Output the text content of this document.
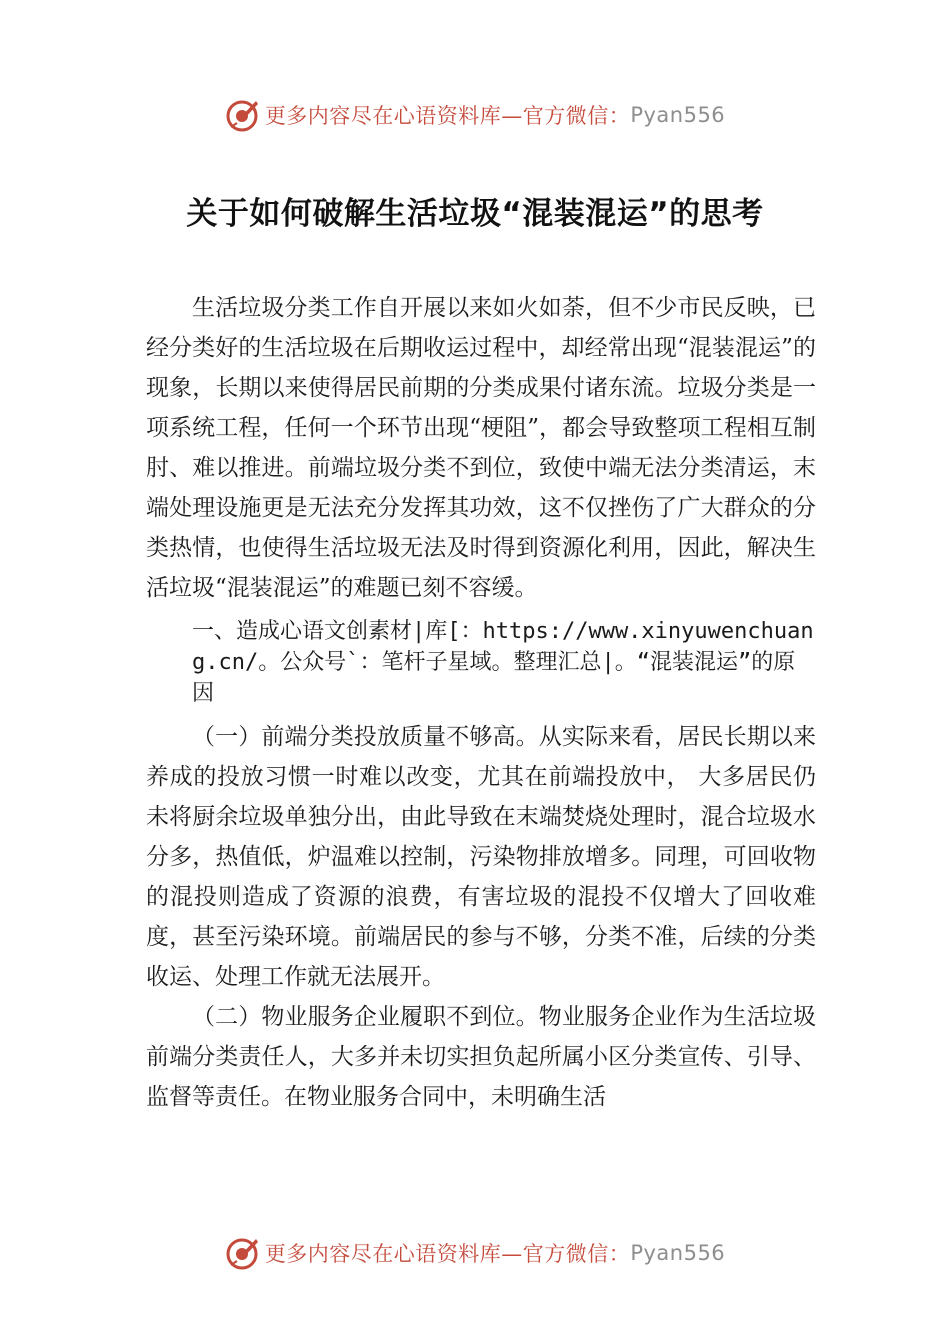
更多内容尽在心语资料库—官方微信： Pyan556
关于如何破解生活垃圾“混装混运”的思考

生活垃圾分类工作自开展以来如火如荼，但不少市民反映，已经分类好的生活垃圾在后期收运过程中，却经常出现“混装混运”的现象，长期以来使得居民前期的分类成果付诸东流。垃圾分类是一项系统工程，任何一个环节出现“梗阻”，都会导致整项工程相互制肘、难以推进。前端垃圾分类不到位，致使中端无法分类清运，末端处理设施更是无法充分发挥其功效，这不仅挫伤了广大群众的分类热情，也使得生活垃圾无法及时得到资源化利用，因此，解决生活垃圾“混装混运”的难题已刻不容缓。

一、造成心语文创素材|库[：https://www.xinyuwenchuang.cn/。公众号`：笔杆子星域。整理汇总|。“混装混运”的原因

（一）前端分类投放质量不够高。从实际来看，居民长期以来养成的投放习惯一时难以改变，尤其在前端投放中， 大多居民仍未将厨余垃圾单独分出，由此导致在末端焚烧处理时，混合垃圾水分多，热值低，炉温难以控制，污染物排放增多。同理，可回收物的混投则造成了资源的浪费，有害垃圾的混投不仅增大了回收难度，甚至污染环境。前端居民的参与不够，分类不准，后续的分类收运、处理工作就无法展开。

（二）物业服务企业履职不到位。物业服务企业作为生活垃圾前端分类责任人，大多并未切实担负起所属小区分类宣传、引导、监督等责任。在物业服务合同中，未明确生活

更多内容尽在心语资料库—官方微信： Pyan556
